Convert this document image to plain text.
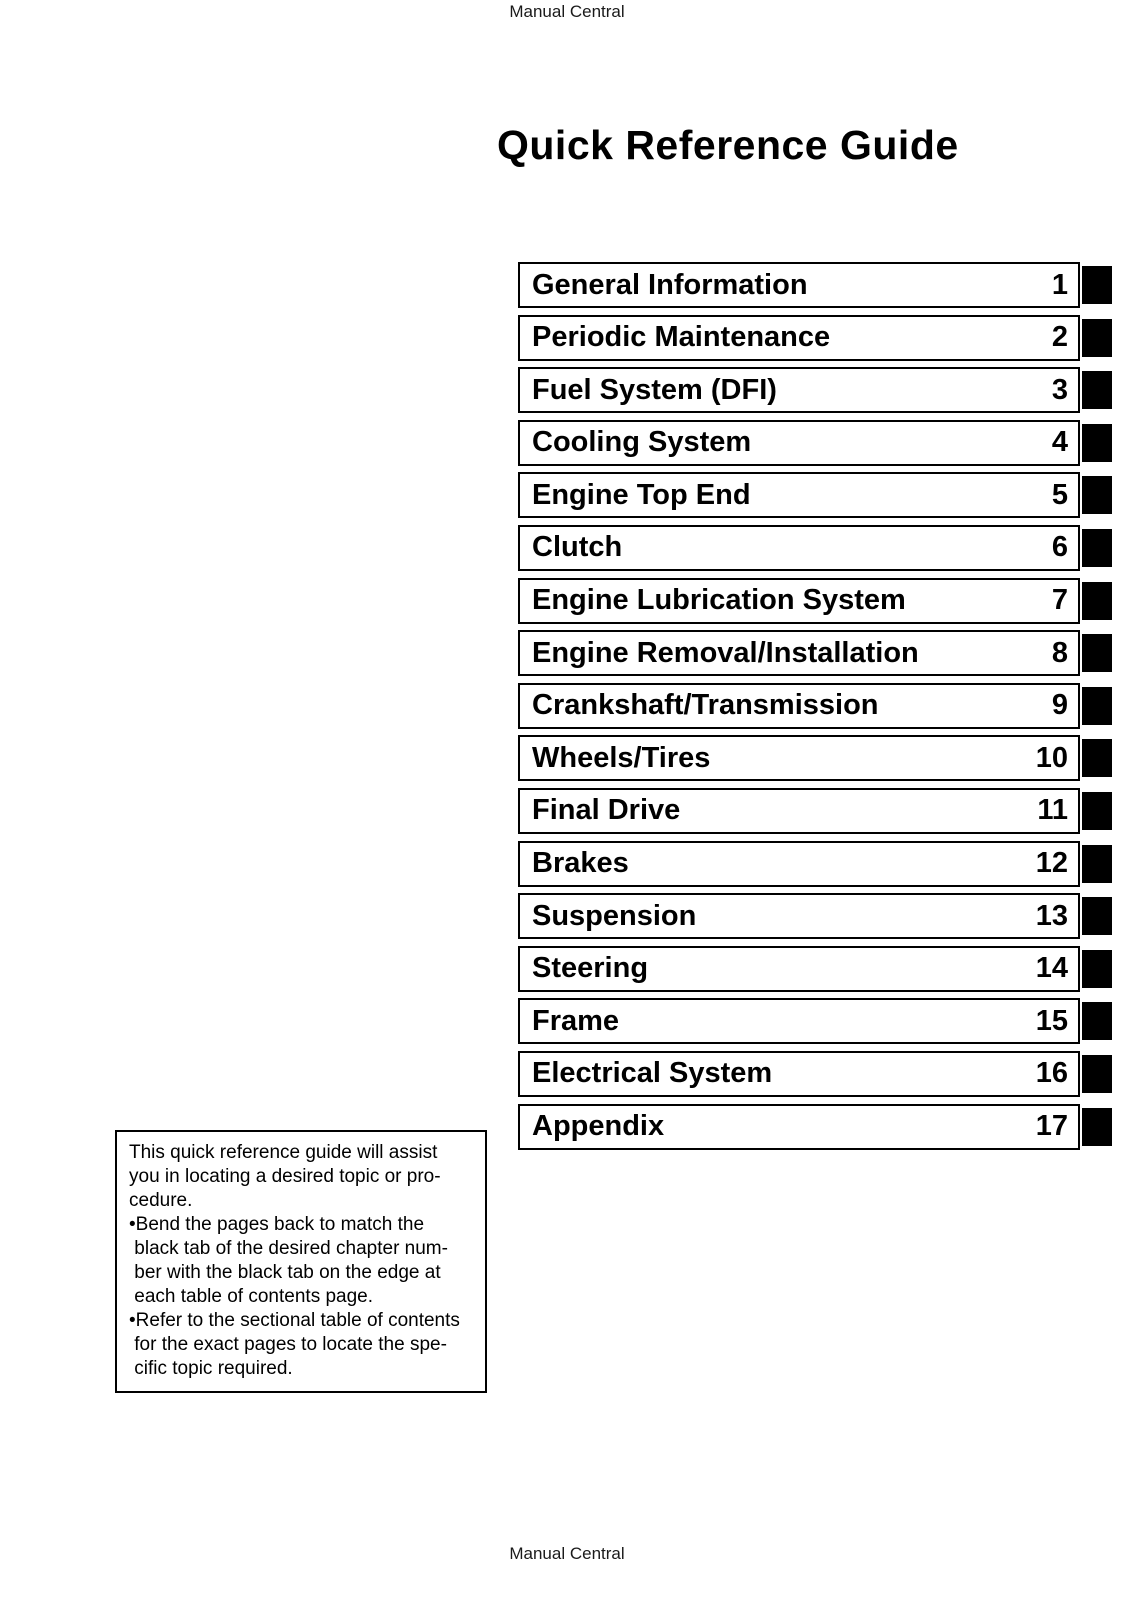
Manual Central
Quick Reference Guide
General Information	1
Periodic Maintenance	2
Fuel System (DFI)	3
Cooling System	4
Engine Top End	5
Clutch	6
Engine Lubrication System	7
Engine Removal/Installation	8
Crankshaft/Transmission	9
Wheels/Tires	10
Final Drive	11
Brakes	12
Suspension	13
Steering	14
Frame	15
Electrical System	16
Appendix	17
This quick reference guide will assist
you in locating a desired topic or pro-
cedure.
•Bend the pages back to match the
black tab of the desired chapter num-
ber with the black tab on the edge at
each table of contents page.
•Refer to the sectional table of contents
for the exact pages to locate the spe-
cific topic required.
Manual Central
